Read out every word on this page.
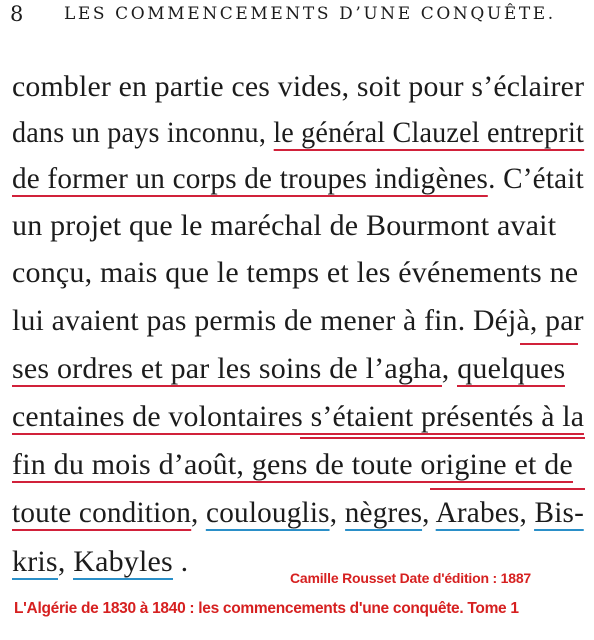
8 LES COMMENCEMENTS D’UNE CONQUÊTE.
combler en partie ces vides, soit pour s’éclairer
dans un pays inconnu, le général Clauzel entreprit
de former un corps de troupes indigènes. C’était
un projet que le maréchal de Bourmont avait
conçu, mais que le temps et les événements ne
lui avaient pas permis de mener à fin. Déjà, par
ses ordres et par les soins de l’agha, quelques
centaines de volontaires s’étaient présentés à la
fin du mois d’août, gens de toute origine et de
toute condition, coulouglis, nègres, Arabes, Bis-
kris, Kabyles .	Camille Rousset Date d'édition : 1887
L'Algérie de 1830 à 1840 : les commencements d'une conquête. Tome 1
